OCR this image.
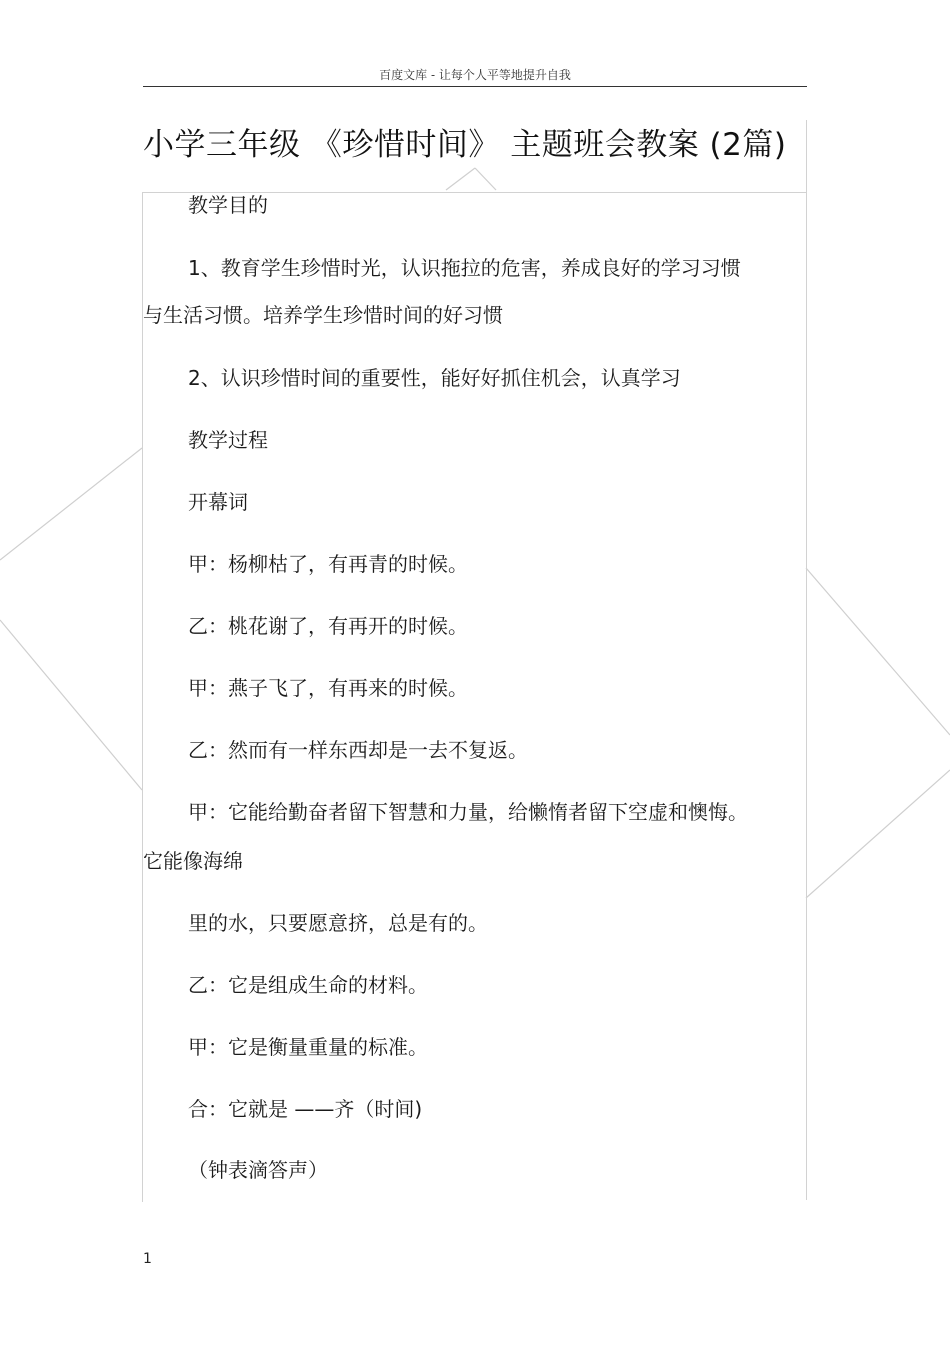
百度文库 - 让每个人平等地提升自我
小学三年级 《珍惜时间》 主题班会教案 (2篇)
教学目的
1、教育学生珍惜时光，认识拖拉的危害，养成良好的学习习惯
与生活习惯。培养学生珍惜时间的好习惯
2、认识珍惜时间的重要性，能好好抓住机会，认真学习
教学过程
开幕词
甲：杨柳枯了，有再青的时候。
乙：桃花谢了，有再开的时候。
甲：燕子飞了，有再来的时候。
乙：然而有一样东西却是一去不复返。
甲：它能给勤奋者留下智慧和力量，给懒惰者留下空虚和懊悔。
它能像海绵
里的水，只要愿意挤，总是有的。
乙：它是组成生命的材料。
甲：它是衡量重量的标准。
合：它就是 ——齐（时间)
（钟表滴答声）
1
